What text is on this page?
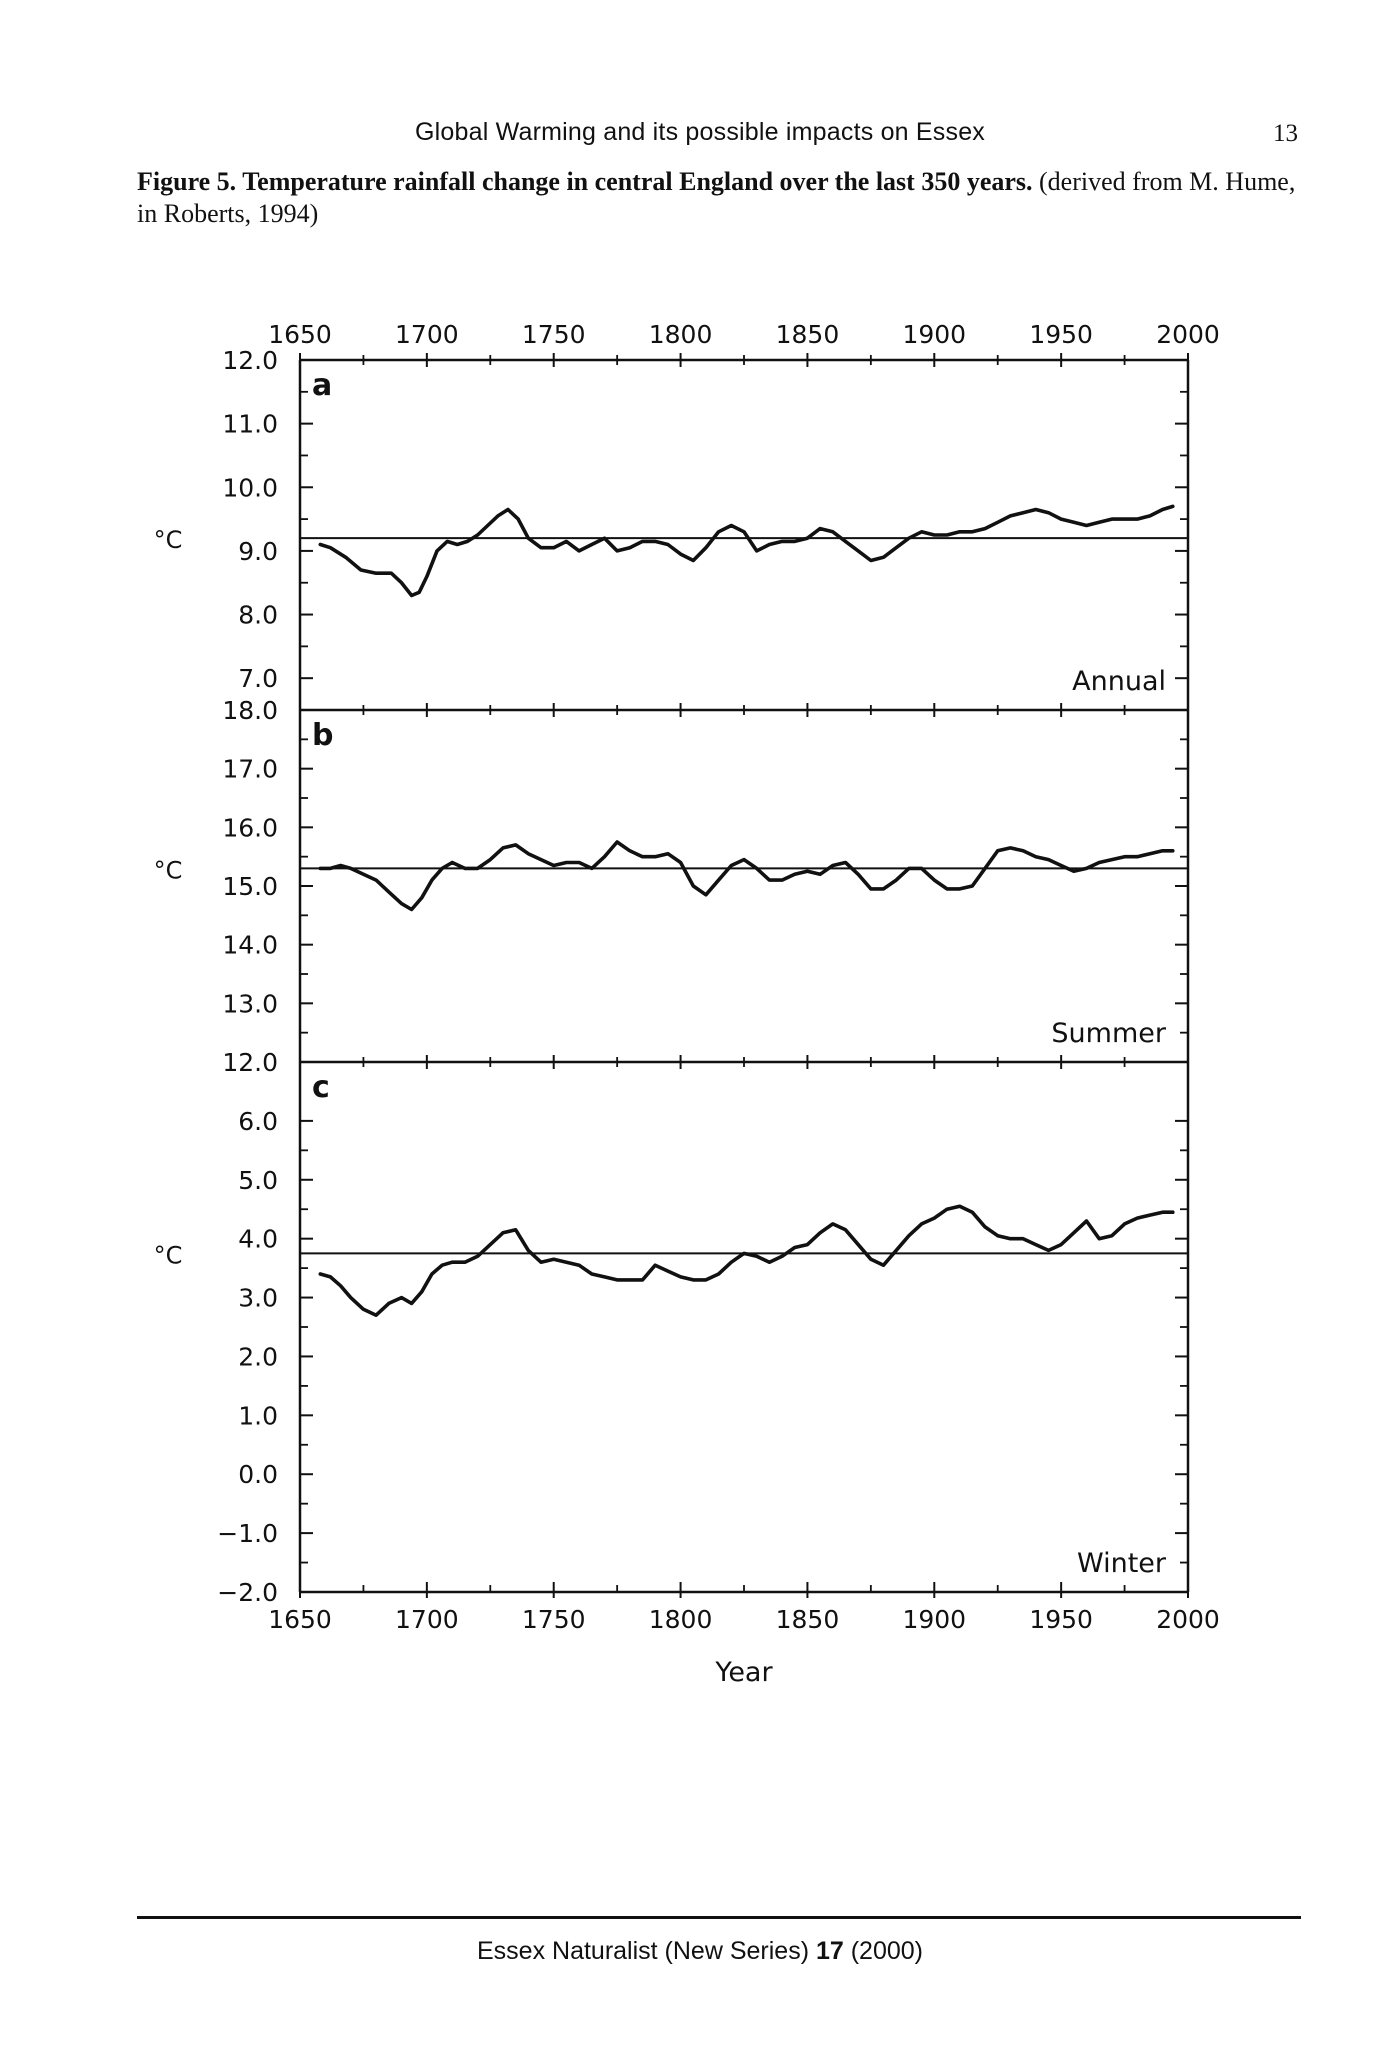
Global Warming and its possible impacts on Essex	13
Figure 5. Temperature rainfall change in central England over the last 350 years. (derived from M. Hume, in Roberts, 1994)
12.0
11.0
10.0
9.0
8.0
7.0
a
Annual
°C
18.0
17.0
16.0
15.0
14.0
13.0
12.0
b
Summer
°C
6.0
5.0
4.0
3.0
2.0
1.0
0.0
−1.0
−2.0
c
Winter
°C
1650
1650
1700
1700
1750
1750
1800
1800
1850
1850
1900
1900
1950
1950
2000
2000
Year
Essex Naturalist (New Series) 17 (2000)
